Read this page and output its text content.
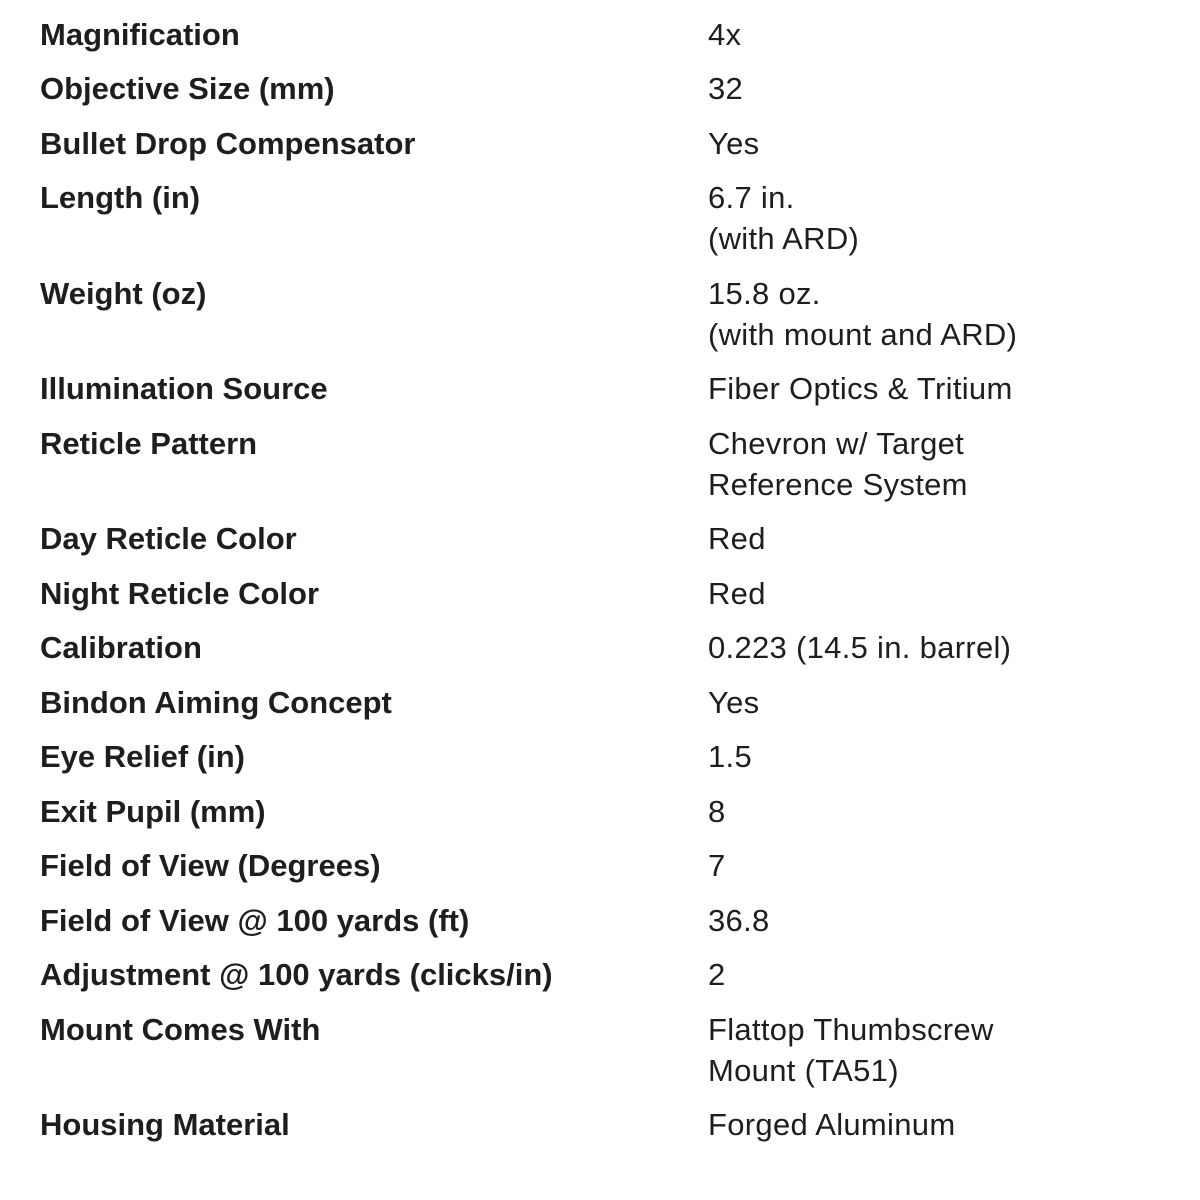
Magnification	4x
Objective Size (mm)	32
Bullet Drop Compensator	Yes
Length (in)	6.7 in.
(with ARD)
Weight (oz)	15.8 oz.
(with mount and ARD)
Illumination Source	Fiber Optics & Tritium
Reticle Pattern	Chevron w/ Target
Reference System
Day Reticle Color	Red
Night Reticle Color	Red
Calibration	0.223 (14.5 in. barrel)
Bindon Aiming Concept	Yes
Eye Relief (in)	1.5
Exit Pupil (mm)	8
Field of View (Degrees)	7
Field of View @ 100 yards (ft)	36.8
Adjustment @ 100 yards (clicks/in)	2
Mount Comes With	Flattop Thumbscrew
Mount (TA51)
Housing Material	Forged Aluminum
